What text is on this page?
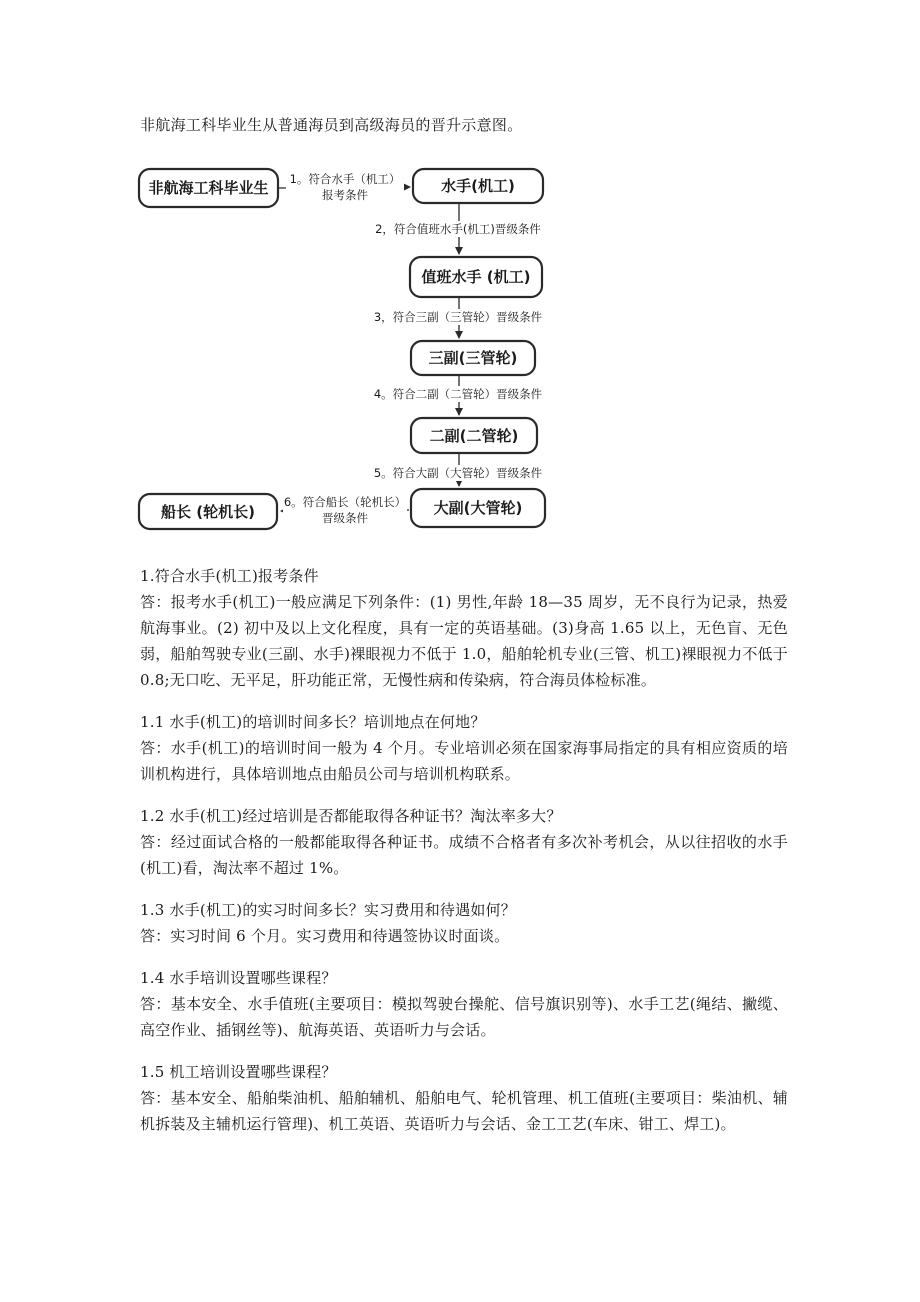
非航海工科毕业生从普通海员到高级海员的晋升示意图。
非航海工科毕业生	水手(机工)
值班水手 (机工)
三副(三管轮)
二副(二管轮)
大副(大管轮)
船长 (轮机长)
1。符合水手（机工）
报考条件
2，符合值班水手(机工)晋级条件
3，符合三副（三管轮）晋级条件
4。符合二副（二管轮）晋级条件
5。符合大副（大管轮）晋级条件
6。符合船长（轮机长）
晋级条件

1.符合水手(机工)报考条件

答：报考水手(机工)一般应满足下列条件：(1) 男性,年龄 18—35 周岁，无不良行为记录，热爱航海事业。(2) 初中及以上文化程度，具有一定的英语基础。(3)身高 1.65 以上，无色盲、无色弱，船舶驾驶专业(三副、水手)裸眼视力不低于 1.0，船舶轮机专业(三管、机工)裸眼视力不低于 0.8;无口吃、无平足，肝功能正常，无慢性病和传染病，符合海员体检标准。

1.1 水手(机工)的培训时间多长？培训地点在何地？

答：水手(机工)的培训时间一般为 4 个月。专业培训必须在国家海事局指定的具有相应资质的培训机构进行，具体培训地点由船员公司与培训机构联系。

1.2 水手(机工)经过培训是否都能取得各种证书？淘汰率多大？

答：经过面试合格的一般都能取得各种证书。成绩不合格者有多次补考机会，从以往招收的水手(机工)看，淘汰率不超过 1%。

1.3 水手(机工)的实习时间多长？实习费用和待遇如何？

答：实习时间 6 个月。实习费用和待遇签协议时面谈。

1.4 水手培训设置哪些课程？

答：基本安全、水手值班(主要项目：模拟驾驶台操舵、信号旗识别等)、水手工艺(绳结、撇缆、高空作业、插钢丝等)、航海英语、英语听力与会话。

1.5 机工培训设置哪些课程？

答：基本安全、船舶柴油机、船舶辅机、船舶电气、轮机管理、机工值班(主要项目：柴油机、辅机拆装及主辅机运行管理)、机工英语、英语听力与会话、金工工艺(车床、钳工、焊工)。
